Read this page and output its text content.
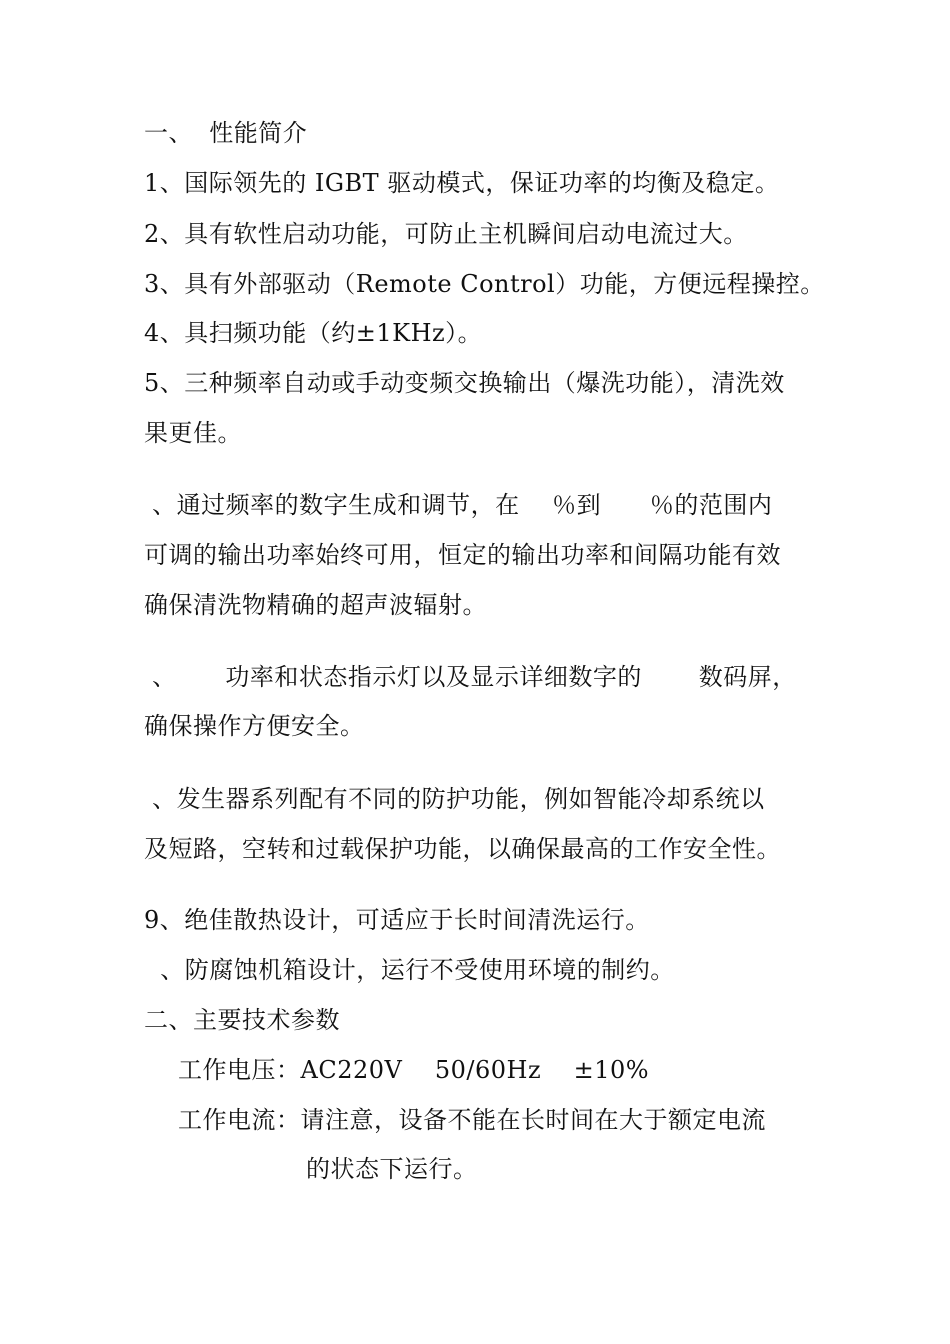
一、  性能简介
1、国际领先的 IGBT 驱动模式，保证功率的均衡及稳定。
2、具有软性启动功能，可防止主机瞬间启动电流过大。
3、具有外部驱动（Remote Control）功能，方便远程操控。
4、具扫频功能（约±1KHz）。
5、三种频率自动或手动变频交换输出（爆洗功能），清洗效
果更佳。
、通过频率的数字生成和调节，在    ％到      ％的范围内
可调的输出功率始终可用，恒定的输出功率和间隔功能有效
确保清洗物精确的超声波辐射。
、      功率和状态指示灯以及显示详细数字的       数码屏，
确保操作方便安全。
、发生器系列配有不同的防护功能，例如智能冷却系统以
及短路，空转和过载保护功能，以确保最高的工作安全性。
9、绝佳散热设计，可适应于长时间清洗运行。
、防腐蚀机箱设计，运行不受使用环境的制约。
二、主要技术参数
工作电压：AC220V    50/60Hz    ±10%
工作电流：请注意，设备不能在长时间在大于额定电流
的状态下运行。
